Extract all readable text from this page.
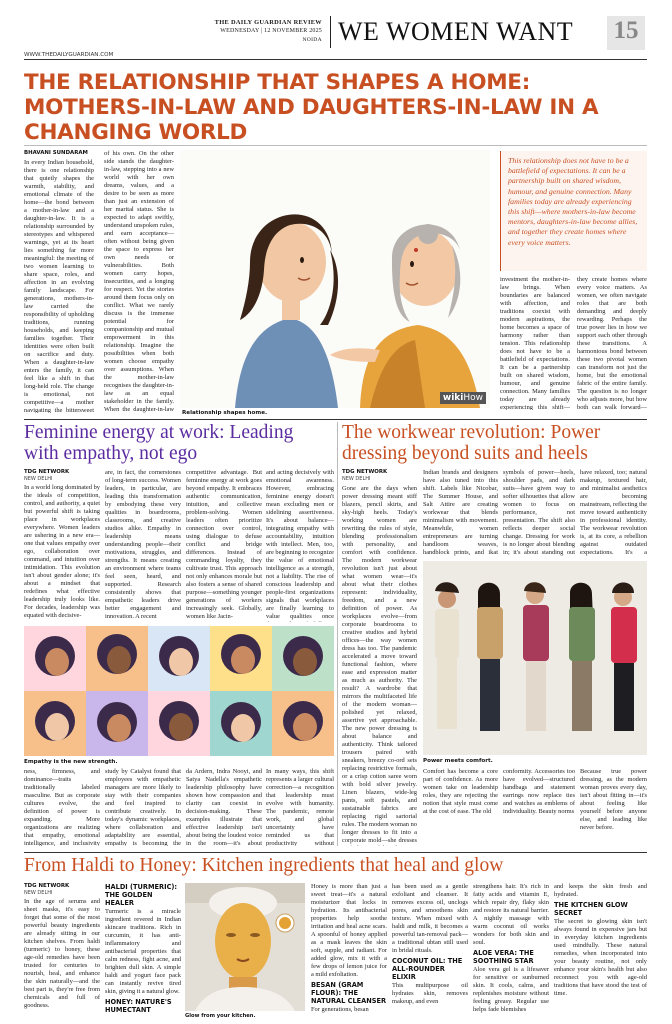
THE DAILY GUARDIAN REVIEW
WEDNESDAY | 12 NOVEMBER 2025
NOIDA WE WOMEN WANT 15
WWW.THEDAILYGUARDIAN.COM
THE RELATIONSHIP THAT SHAPES A HOME: MOTHERS-IN-LAW AND DAUGHTERS-IN-LAW IN A CHANGING WORLD
BHAVANI SUNDARAM
In every Indian household, there is one relationship that quietly shapes the warmth, stability, and emotional climate of the home—the bond between a mother-in-law and a daughter-in-law. It is a relationship surrounded by stereotypes and whispered warnings, yet at its heart lies something far more meaningful: the meeting of two women learning to share space, roles, and affection in an evolving family landscape. For generations, mothers-in-law carried the responsibility of upholding traditions, running households, and keeping families together. Their identities were often built on sacrifice and duty. When a daughter-in-law enters the family, it can feel like a shift in that long-held role. The change is emotional, not competitive—a mother navigating the bittersweet
of his own. On the other side stands the daughter-in-law, stepping into a new world with her own dreams, values, and a desire to be seen as more than just an extension of her marital status. She is expected to adapt swiftly, understand unspoken rules, and earn acceptance—often without being given the space to express her own needs or vulnerabilities. Both women carry hopes, insecurities, and a longing for respect. Yet the stories around them focus only on conflict. What we rarely discuss is the immense potential for companionship and mutual empowerment in this relationship. Imagine the possibilities when both women choose empathy over assumptions. When the mother-in-law recognises the daughter-in-law as an equal stakeholder in the family. When the daughter-in-law
wikiHow
Relationship shapes home.
This relationship does not have to be a battlefield of expectations. It can be a partnership built on shared wisdom, humour, and genuine connection. Many families today are already experiencing this shift—where mothers-in-law become mentors, daughters-in-law become allies, and together they create homes where every voice matters.
investment the mother-in-law brings. When boundaries are balanced with affection, and traditions coexist with modern aspirations, the home becomes a space of harmony rather than tension. This relationship does not have to be a battlefield of expectations. It can be a partnership built on shared wisdom, humour, and genuine connection. Many families today are already experiencing this shift—
they create homes where every voice matters. As women, we often navigate roles that are both demanding and deeply rewarding. Perhaps the true power lies in how we support each other through these transitions. A harmonious bond between these two pivotal women can transform not just the home, but the emotional fabric of the entire family. The question is no longer who adjusts more, but how both can walk forward—
Feminine energy at work: Leading with empathy, not ego
TDG NETWORK
NEW DELHI
In a world long dominated by the ideals of competition, control, and authority, a quiet but powerful shift is taking place in workplaces everywhere. Women leaders are ushering in a new era—one that values empathy over ego, collaboration over command, and intuition over intimidation. This evolution isn't about gender alone; it's about a mindset that redefines what effective leadership truly looks like. For decades, leadership was equated with decisive-
are, in fact, the cornerstones of long-term success. Women leaders, in particular, are leading this transformation by embodying these very qualities in boardrooms, classrooms, and creative studios alike. Empathy in leadership means understanding people—their motivations, struggles, and strengths. It means creating an environment where teams feel seen, heard, and supported. Research consistently shows that empathetic leaders drive better engagement and innovation. A recent
competitive advantage. But feminine energy at work goes beyond empathy. It embraces authentic communication, intuition, and collective problem-solving. Women leaders often prioritize connection over control, using dialogue to defuse conflict and bridge differences. Instead of commanding loyalty, they cultivate trust. This approach not only enhances morale but also fosters a sense of shared purpose—something younger generations of workers increasingly seek. Globally, women like Jacin-
and acting decisively with emotional awareness. However, embracing feminine energy doesn't mean excluding men or sidelining assertiveness. It's about balance—integrating empathy with accountability, intuition with intellect. Men, too, are beginning to recognize the value of emotional intelligence as a strength, not a liability. The rise of conscious leadership and people-first organizations signals that workplaces are finally learning to value qualities once
Empathy is the new strength.
ness, firmness, and dominance—traits traditionally labeled masculine. But as corporate cultures evolve, the definition of power is expanding. More organizations are realizing that empathy, emotional intelligence, and inclusivity
study by Catalyst found that employees with empathetic managers are more likely to stay with their companies and feel inspired to contribute creatively. In today's dynamic workplaces, where collaboration and adaptability are essential, empathy is becoming the
da Ardern, Indra Nooyi, and Satya Nadella's empathetic leadership philosophy have shown how compassion and clarity can coexist in decision-making. These examples illustrate that effective leadership isn't about being the loudest voice in the room—it's about
In many ways, this shift represents a larger cultural correction—a recognition that leadership must evolve with humanity. The pandemic, remote work, and global uncertainty have reminded us that productivity without
The workwear revolution: Power dressing beyond suits and heels
TDG NETWORK
NEW DELHI
Gone are the days when power dressing meant stiff blazers, pencil skirts, and sky-high heels. Today's working women are rewriting the rules of style, blending professionalism with personality, and comfort with confidence. The modern workwear revolution isn't just about what women wear—it's about what their clothes represent: individuality, freedom, and a new definition of power. As workplaces evolve—from corporate boardrooms to creative studios and hybrid offices—the way women dress has too. The pandemic accelerated a move toward functional fashion, where ease and expression matter as much as authority. The result? A wardrobe that mirrors the multifaceted life of the modern woman—polished yet relaxed, assertive yet approachable. The new power dressing is about balance and authenticity. Think tailored trousers paired with sneakers, breezy co-ord sets replacing restrictive formals, or a crisp cotton saree worn with bold silver jewelry. Linen blazers, wide-leg pants, soft pastels, and sustainable fabrics are replacing rigid sartorial rules. The modern woman no longer dresses to fit into a corporate mold—she dresses
Indian brands and designers have also tuned into this shift. Labels like Nicobar, The Summer House, and Salt Attire are creating workwear that blends minimalism with movement. Meanwhile, women entrepreneurs are turning handloom weaves, handblock prints, and ikat
symbols of power—heels, shoulder pads, and dark suits—have given way to softer silhouettes that allow women to focus on performance, not presentation. The shift also reflects deeper social change. Dressing for work is no longer about blending in; it's about standing out
have relaxed, too; natural makeup, textured hair, and minimalist aesthetics are becoming mainstream, reflecting the move toward authenticity in professional identity. The workwear revolution is, at its core, a rebellion against outdated expectations. It's a
Power meets comfort.
Comfort has become a core part of confidence. As more women take on leadership roles, they are rejecting the notion that style must come at the cost of ease. The old
conformity. Accessories too have evolved—structured handbags and statement earrings now replace ties and watches as emblems of individuality. Beauty norms
Because true power dressing, as the modern woman proves every day, isn't about fitting in—it's about feeling like yourself before anyone else, and leading like never before.
From Haldi to Honey: Kitchen ingredients that heal and glow
TDG NETWORK
NEW DELHI
In the age of serums and sheet masks, it's easy to forget that some of the most powerful beauty ingredients are already sitting in our kitchen shelves. From haldi (turmeric) to honey, these age-old remedies have been trusted for centuries to nourish, heal, and enhance the skin naturally—and the best part is, they're free from chemicals and full of goodness.
HALDI (TURMERIC): THE GOLDEN HEALER
Turmeric is a miracle ingredient revered in Indian skincare traditions. Rich in curcumin, it has anti-inflammatory and antibacterial properties that calm redness, fight acne, and brighten dull skin. A simple haldi and yogurt face pack can instantly revive tired skin, giving it a natural glow.
HONEY: NATURE'S HUMECTANT
Glow from your kitchen.
Honey is more than just a sweet treat—it's a natural moisturizer that locks in hydration. Its antibacterial properties help soothe irritation and heal acne scars. A spoonful of honey applied as a mask leaves the skin soft, supple, and radiant. For added glow, mix it with a few drops of lemon juice for a mild exfoliation.
BESAN (GRAM FLOUR): THE NATURAL CLEANSER
For generations, besan
has been used as a gentle exfoliant and cleanser. It removes excess oil, unclogs pores, and smoothens skin texture. When mixed with haldi and milk, it becomes a powerful tan-removal pack—a traditional ubtan still used in bridal rituals.
COCONUT OIL: THE ALL-ROUNDER ELIXIR
This multipurpose oil hydrates skin, removes makeup, and even
strengthens hair. It's rich in fatty acids and vitamin E, which repair dry, flaky skin and restore its natural barrier. A nightly massage with warm coconut oil works wonders for both skin and soul.
ALOE VERA: THE SOOTHING STAR
Aloe vera gel is a lifesaver for sensitive or sunburned skin. It cools, calms, and replenishes moisture without feeling greasy. Regular use helps fade blemishes
and keeps the skin fresh and hydrated.
THE KITCHEN GLOW SECRET
The secret to glowing skin isn't always found in expensive jars but in everyday kitchen ingredients used mindfully. These natural remedies, when incorporated into your beauty routine, not only enhance your skin's health but also reconnect you with age-old traditions that have stood the test of time.
